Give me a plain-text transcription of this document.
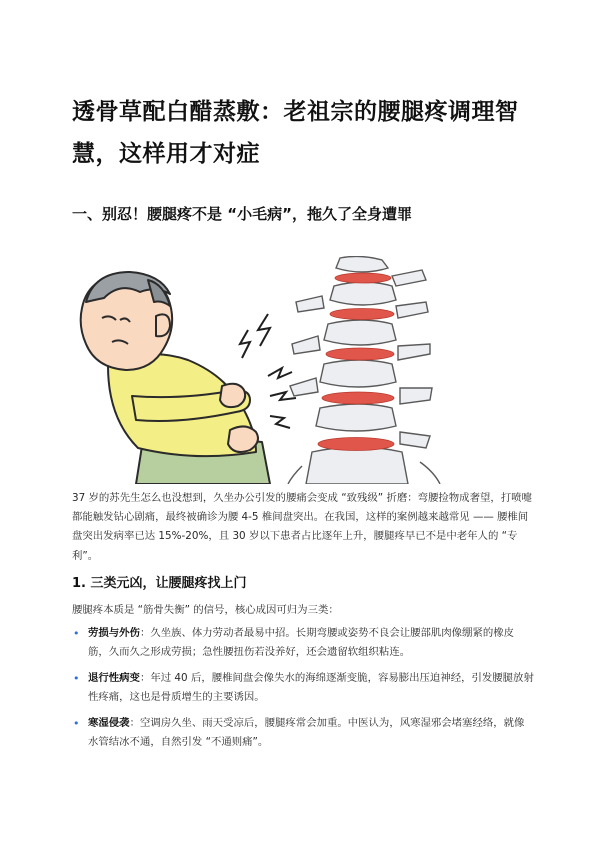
透骨草配白醋蒸敷：老祖宗的腰腿疼调理智慧，这样用才对症
一、别忍！腰腿疼不是 “小毛病”，拖久了全身遭罪
37 岁的苏先生怎么也没想到，久坐办公引发的腰痛会变成 “致残级” 折磨：弯腰捡物成奢望，打喷嚏都能触发钻心剧痛，最终被确诊为腰 4-5 椎间盘突出。在我国，这样的案例越来越常见 —— 腰椎间盘突出发病率已达 15%-20%，且 30 岁以下患者占比逐年上升，腰腿疼早已不是中老年人的 “专利”。
1. 三类元凶，让腰腿疼找上门
腰腿疼本质是 “筋骨失衡” 的信号，核心成因可归为三类：
• 劳损与外伤：久坐族、体力劳动者最易中招。长期弯腰或姿势不良会让腰部肌肉像绷紧的橡皮筋，久而久之形成劳损；急性腰扭伤若没养好，还会遗留软组织粘连。
• 退行性病变：年过 40 后，腰椎间盘会像失水的海绵逐渐变脆，容易膨出压迫神经，引发腰腿放射性疼痛，这也是骨质增生的主要诱因。
• 寒湿侵袭：空调房久坐、雨天受凉后，腰腿疼常会加重。中医认为，风寒湿邪会堵塞经络，就像水管结冰不通，自然引发 “不通则痛”。
